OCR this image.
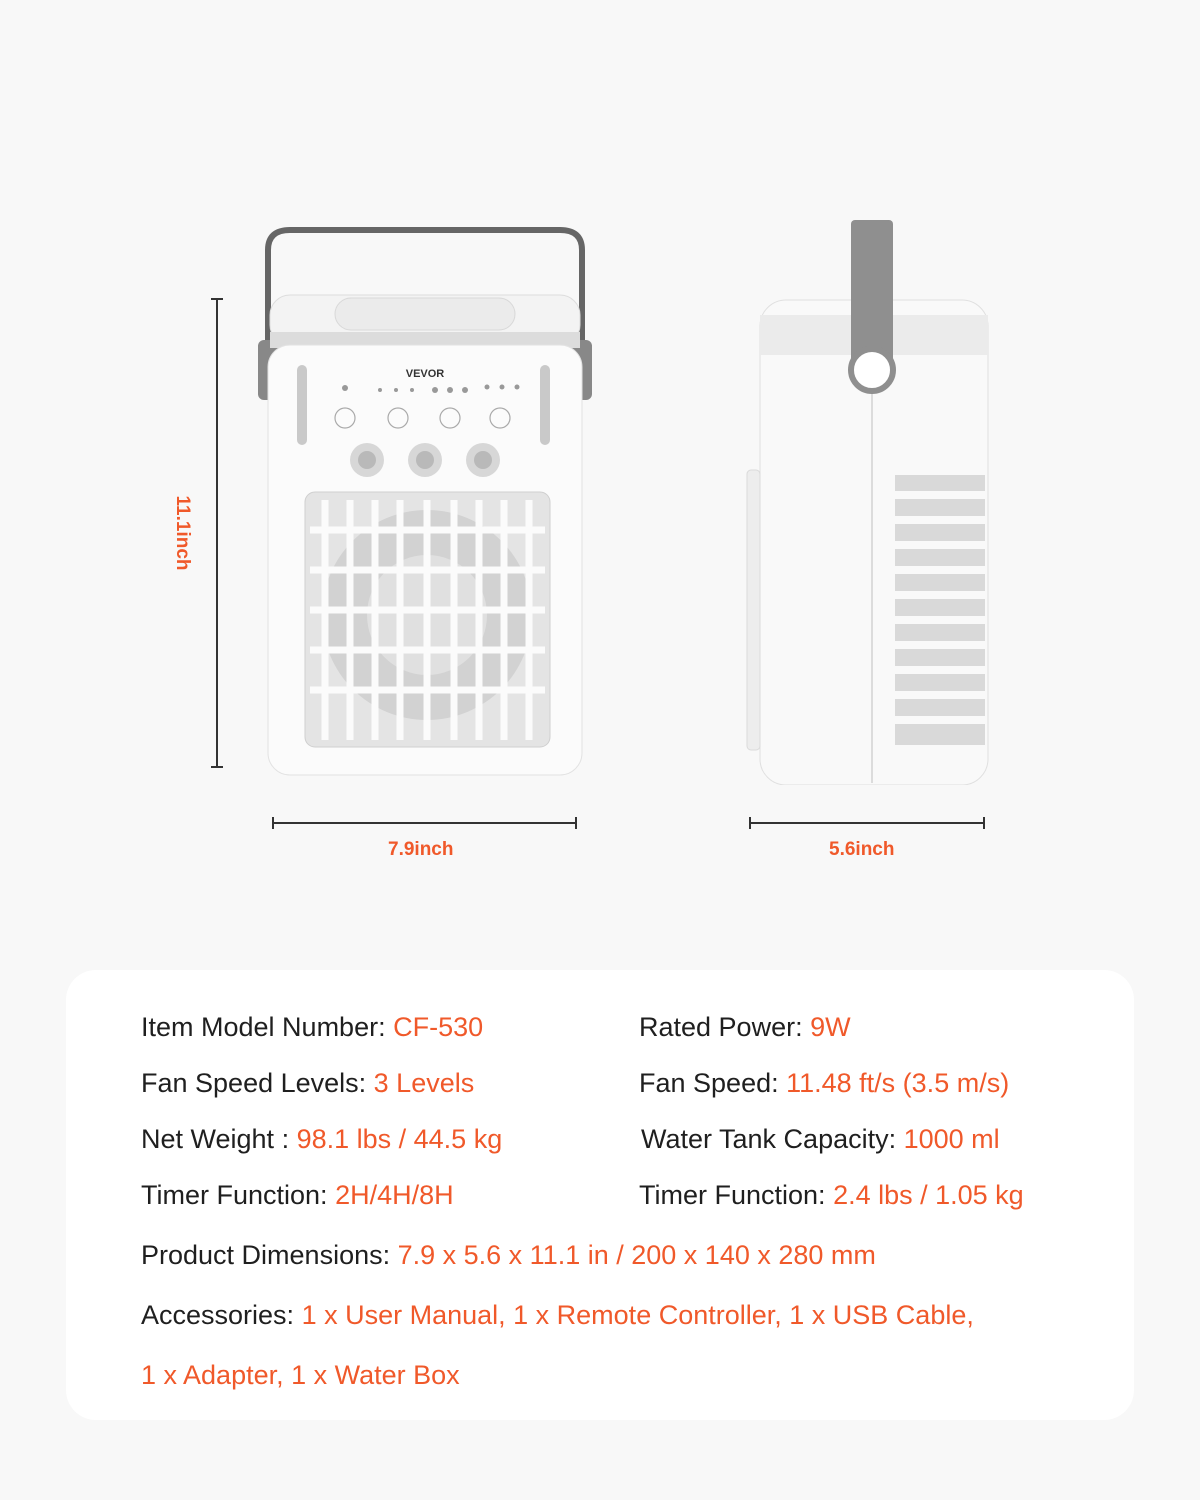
VEVOR
11.1inch
7.9inch	5.6inch
Item Model Number: CF-530	Rated Power: 9W
Fan Speed Levels: 3 Levels	Fan Speed: 11.48 ft/s (3.5 m/s)
Net Weight : 98.1 lbs / 44.5 kg	Water Tank Capacity: 1000 ml
Timer Function: 2H/4H/8H	Timer Function: 2.4 lbs / 1.05 kg
Product Dimensions: 7.9 x 5.6 x 11.1 in / 200 x 140 x 280 mm
Accessories: 1 x User Manual, 1 x Remote Controller, 1 x USB Cable,
1 x Adapter, 1 x Water Box
